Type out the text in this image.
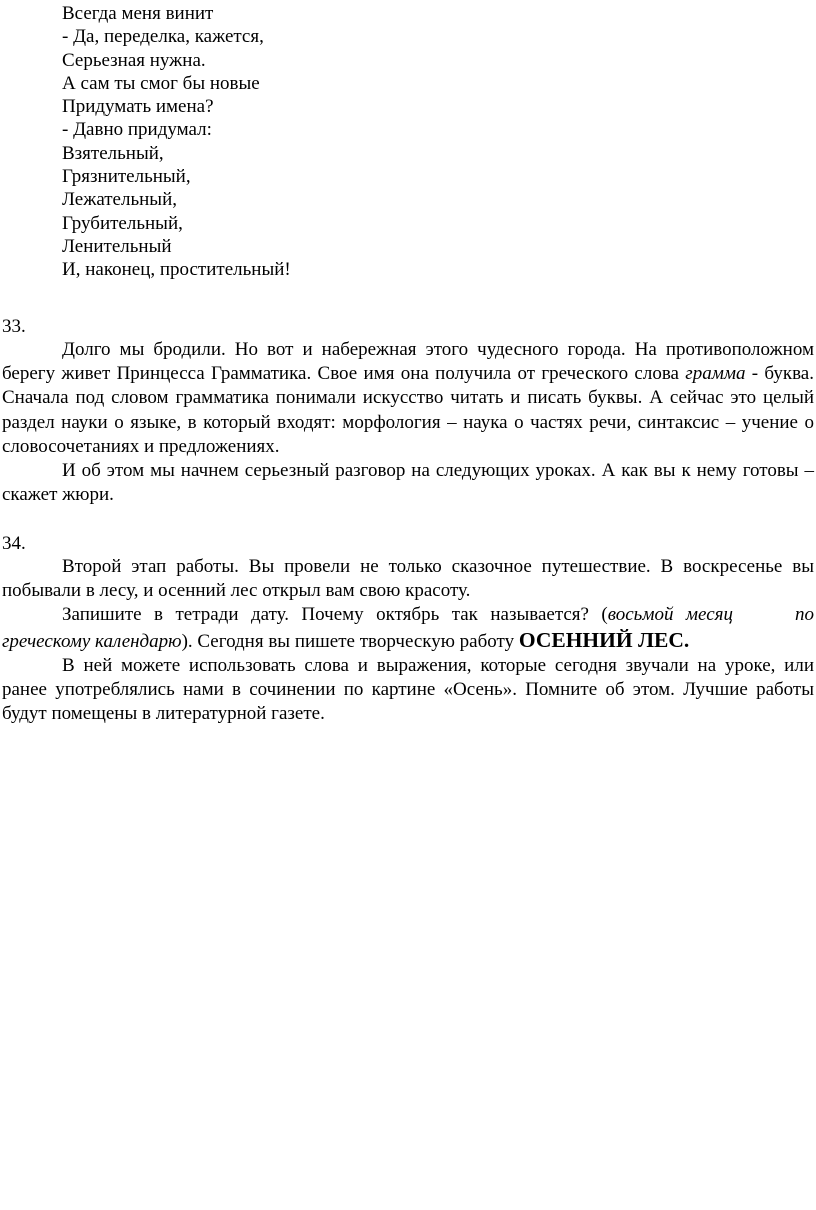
Всегда меня винит
- Да, переделка, кажется,
Серьезная нужна.
А сам ты смог бы новые
Придумать имена?
- Давно придумал:
Взятельный,
Грязнительный,
Лежательный,
Грубительный,
Ленительный
И, наконец, простительный!
33.

Долго мы бродили. Но вот и набережная этого чудесного города. На противоположном берегу живет Принцесса Грамматика. Свое имя она получила от греческого слова грамма - буква. Сначала под словом грамматика понимали искусство читать и писать буквы. А сейчас это целый раздел науки о языке, в который входят: морфология – наука о частях речи, синтаксис – учение о словосочетаниях и предложениях.

И об этом мы начнем серьезный разговор на следующих уроках. А как вы к нему готовы – скажет жюри.

34.

Второй этап работы. Вы провели не только сказочное путешествие. В воскресенье вы побывали в лесу, и осенний лес открыл вам свою красоту.

Запишите в тетради дату. Почему октябрь так называется? (восьмой месяц	по

греческому календарю). Сегодня вы пишете творческую работу ОСЕННИЙ ЛЕС.

В ней можете использовать слова и выражения, которые сегодня звучали на уроке, или ранее употреблялись нами в сочинении по картине «Осень». Помните об этом. Лучшие работы будут помещены в литературной газете.
